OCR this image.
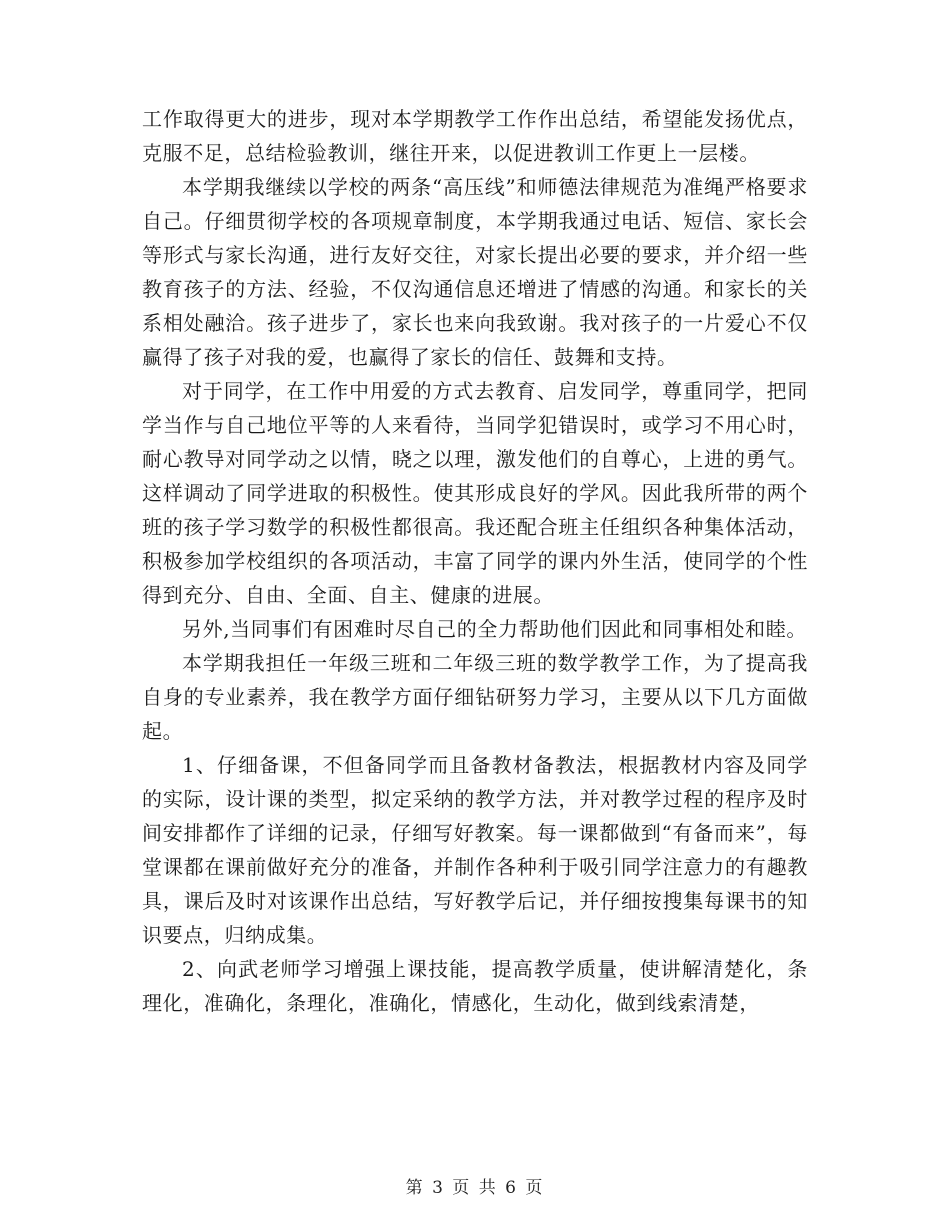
工作取得更大的进步，现对本学期教学工作作出总结，希望能发扬优点，克服不足，总结检验教训，继往开来，以促进教训工作更上一层楼。

本学期我继续以学校的两条“高压线”和师德法律规范为准绳严格要求自己。仔细贯彻学校的各项规章制度，本学期我通过电话、短信、家长会等形式与家长沟通，进行友好交往，对家长提出必要的要求，并介绍一些教育孩子的方法、经验，不仅沟通信息还增进了情感的沟通。和家长的关系相处融洽。孩子进步了，家长也来向我致谢。我对孩子的一片爱心不仅赢得了孩子对我的爱，也赢得了家长的信任、鼓舞和支持。

对于同学，在工作中用爱的方式去教育、启发同学，尊重同学，把同学当作与自己地位平等的人来看待，当同学犯错误时，或学习不用心时，耐心教导对同学动之以情，晓之以理，激发他们的自尊心，上进的勇气。这样调动了同学进取的积极性。使其形成良好的学风。因此我所带的两个班的孩子学习数学的积极性都很高。我还配合班主任组织各种集体活动，积极参加学校组织的各项活动，丰富了同学的课内外生活，使同学的个性得到充分、自由、全面、自主、健康的进展。

另外,当同事们有困难时尽自己的全力帮助他们因此和同事相处和睦。

本学期我担任一年级三班和二年级三班的数学教学工作，为了提高我自身的专业素养，我在教学方面仔细钻研努力学习，主要从以下几方面做起。

1、仔细备课，不但备同学而且备教材备教法，根据教材内容及同学的实际，设计课的类型，拟定采纳的教学方法，并对教学过程的程序及时间安排都作了详细的记录，仔细写好教案。每一课都做到“有备而来”，每堂课都在课前做好充分的准备，并制作各种利于吸引同学注意力的有趣教具，课后及时对该课作出总结，写好教学后记，并仔细按搜集每课书的知识要点，归纳成集。

2、向武老师学习增强上课技能，提高教学质量，使讲解清楚化，条理化，准确化，条理化，准确化，情感化，生动化，做到线索清楚，

第 3 页 共 6 页
